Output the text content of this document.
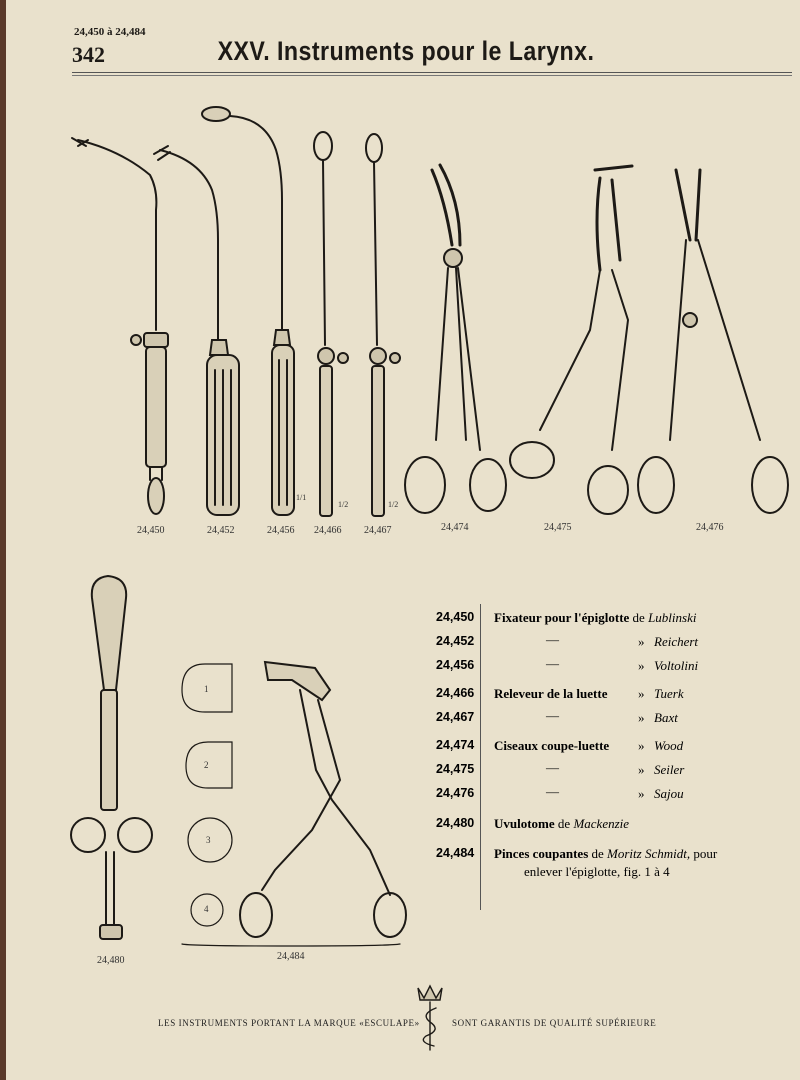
24,450 à 24,484
342	XXV. Instruments pour le Larynx.
24,450	24,452	24,456 24,466 24,467	24,474	24,475	24,476
24,480	24,484
1/1
1/2	1/2
1
2
3
4
24,450 Fixateur pour l'épiglotte de Lublinski
24,452	—	» Reichert
24,456	—	» Voltolini
24,466 Releveur de la luette » Tuerk
24,467	—	» Baxt
24,474 Ciseaux coupe-luette » Wood
24,475	—	» Seiler
24,476	—	» Sajou
24,480 Uvulotome de Mackenzie
24,484 Pinces coupantes de Moritz Schmidt, pour
enlever l'épiglotte, fig. 1 à 4
LES INSTRUMENTS PORTANT LA MARQUE «ESCULAPE»	SONT GARANTIS DE QUALITÉ SUPÉRIEURE
